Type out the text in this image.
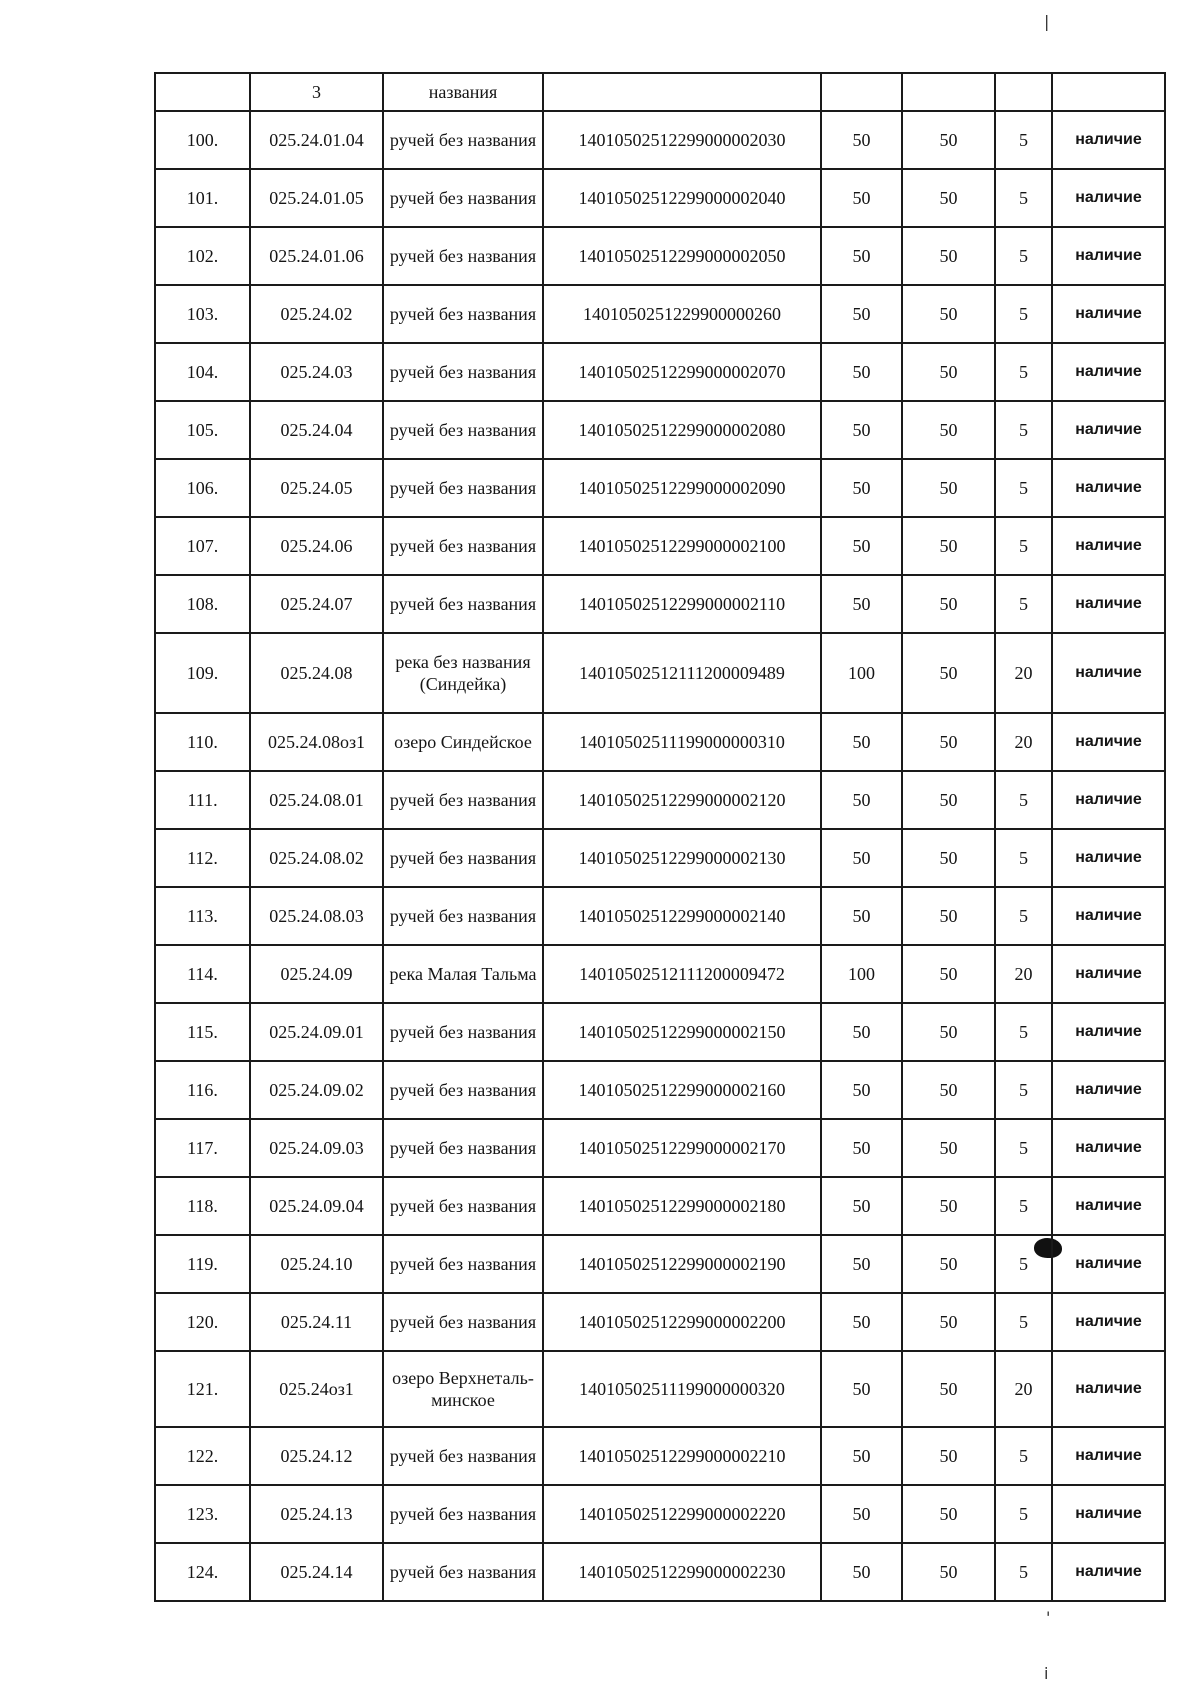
|
'
i
	3	названия					
100.	025.24.01.04	ручей без названия	14010502512299000002030	50	50	5	наличие
101.	025.24.01.05	ручей без названия	14010502512299000002040	50	50	5	наличие
102.	025.24.01.06	ручей без названия	14010502512299000002050	50	50	5	наличие
103.	025.24.02	ручей без названия	1401050251229900000260	50	50	5	наличие
104.	025.24.03	ручей без названия	14010502512299000002070	50	50	5	наличие
105.	025.24.04	ручей без названия	14010502512299000002080	50	50	5	наличие
106.	025.24.05	ручей без названия	14010502512299000002090	50	50	5	наличие
107.	025.24.06	ручей без названия	14010502512299000002100	50	50	5	наличие
108.	025.24.07	ручей без названия	14010502512299000002110	50	50	5	наличие
109.	025.24.08	река без названия (Синдейка)	14010502512111200009489	100	50	20	наличие
110.	025.24.08оз1	озеро Синдейское	14010502511199000000310	50	50	20	наличие
111.	025.24.08.01	ручей без названия	14010502512299000002120	50	50	5	наличие
112.	025.24.08.02	ручей без названия	14010502512299000002130	50	50	5	наличие
113.	025.24.08.03	ручей без названия	14010502512299000002140	50	50	5	наличие
114.	025.24.09	река Малая Тальма	14010502512111200009472	100	50	20	наличие
115.	025.24.09.01	ручей без названия	14010502512299000002150	50	50	5	наличие
116.	025.24.09.02	ручей без названия	14010502512299000002160	50	50	5	наличие
117.	025.24.09.03	ручей без названия	14010502512299000002170	50	50	5	наличие
118.	025.24.09.04	ручей без названия	14010502512299000002180	50	50	5	наличие
119.	025.24.10	ручей без названия	14010502512299000002190	50	50	5	наличие
120.	025.24.11	ручей без названия	14010502512299000002200	50	50	5	наличие
121.	025.24оз1	озеро Верхнеталь-минское	14010502511199000000320	50	50	20	наличие
122.	025.24.12	ручей без названия	14010502512299000002210	50	50	5	наличие
123.	025.24.13	ручей без названия	14010502512299000002220	50	50	5	наличие
124.	025.24.14	ручей без названия	14010502512299000002230	50	50	5	наличие
